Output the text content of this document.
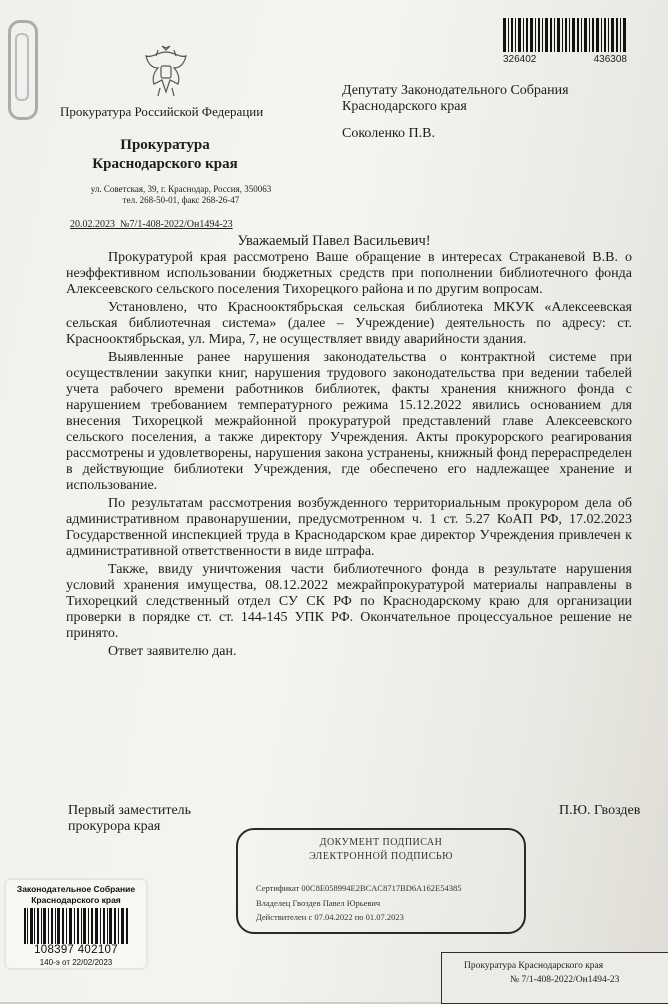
326402	436308
Прокуратура Российской Федерации
Прокуратура
Краснодарского края
ул. Советская, 39, г. Краснодар, Россия, 350063
тел. 268-50-01, факс 268-26-47
20.02.2023  №7/1-408-2022/Он1494-23
Депутату Законодательного Собрания
Краснодарского края
Соколенко П.В.
Уважаемый Павел Васильевич!

Прокуратурой края рассмотрено Ваше обращение в интересах Страканевой В.В. о неэффективном использовании бюджетных средств при пополнении библиотечного фонда Алексеевского сельского поселения Тихорецкого района и по другим вопросам.

Установлено, что Краснооктябрьская сельская библиотека МКУК «Алексеевская сельская библиотечная система» (далее – Учреждение) деятельность по адресу: ст. Краснооктябрьская, ул. Мира, 7, не осуществляет ввиду аварийности здания.

Выявленные ранее нарушения законодательства о контрактной системе при осуществлении закупки книг, нарушения трудового законодательства при ведении табелей учета рабочего времени работников библиотек, факты хранения книжного фонда с нарушением требованием температурного режима 15.12.2022 явились основанием для внесения Тихорецкой межрайонной прокуратурой представлений главе Алексеевского сельского поселения, а также директору Учреждения. Акты прокурорского реагирования рассмотрены и удовлетворены, нарушения закона устранены, книжный фонд перераспределен в действующие библиотеки Учреждения, где обеспечено его надлежащее хранение и использование.

По результатам рассмотрения возбужденного территориальным прокурором дела об административном правонарушении, предусмотренном ч. 1 ст. 5.27 КоАП РФ, 17.02.2023 Государственной инспекцией труда в Краснодарском крае директор Учреждения привлечен к административной ответственности в виде штрафа.

Также, ввиду уничтожения части библиотечного фонда в результате нарушения условий хранения имущества, 08.12.2022 межрайпрокуратурой материалы направлены в Тихорецкий следственный отдел СУ СК РФ по Краснодарскому краю для организации проверки в порядке ст. ст. 144-145 УПК РФ. Окончательное процессуальное решение не принято.

Ответ заявителю дан.

Первый заместитель
прокурора края
П.Ю. Гвоздев
ДОКУМЕНТ ПОДПИСАН
ЭЛЕКТРОННОЙ ПОДПИСЬЮ
Сертификат 00C8E058994E2BCAC8717BD6A162E54385
Владелец Гвоздев Павел Юрьевич
Действителен с 07.04.2022 по 01.07.2023
Законодательное Собрание
Краснодарского края
108397 402107
140-э от 22/02/2023	Прокуратура Краснодарского края
№ 7/1-408-2022/Он1494-23
